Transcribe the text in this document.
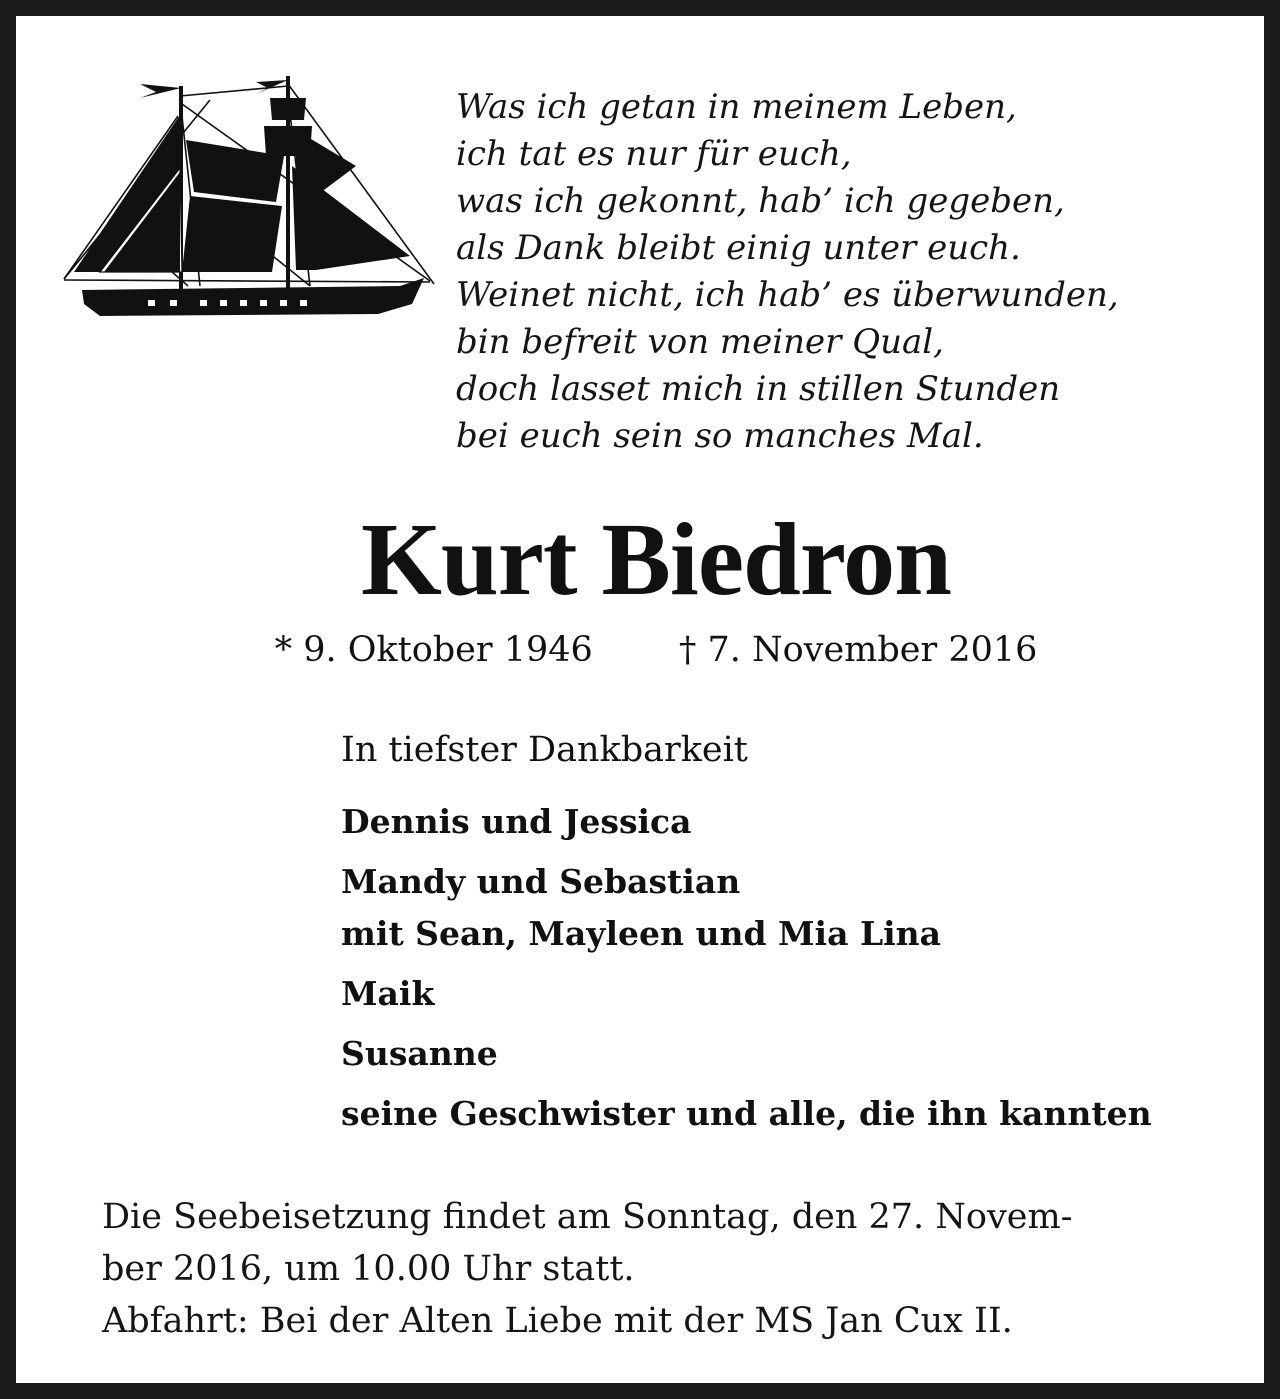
Was ich getan in meinem Leben,
ich tat es nur für euch,
was ich gekonnt, hab’ ich gegeben,
als Dank bleibt einig unter euch.
Weinet nicht, ich hab’ es überwunden,
bin befreit von meiner Qual,
doch lasset mich in stillen Stunden
bei euch sein so manches Mal.
Kurt Biedron
* 9. Oktober 1946 † 7. November 2016
In tiefster Dankbarkeit
Dennis und Jessica
Mandy und Sebastian
mit Sean, Mayleen und Mia Lina
Maik
Susanne
seine Geschwister und alle, die ihn kannten
Die Seebeisetzung findet am Sonntag, den 27. Novem-
ber 2016, um 10.00 Uhr statt.
Abfahrt: Bei der Alten Liebe mit der MS Jan Cux II.
